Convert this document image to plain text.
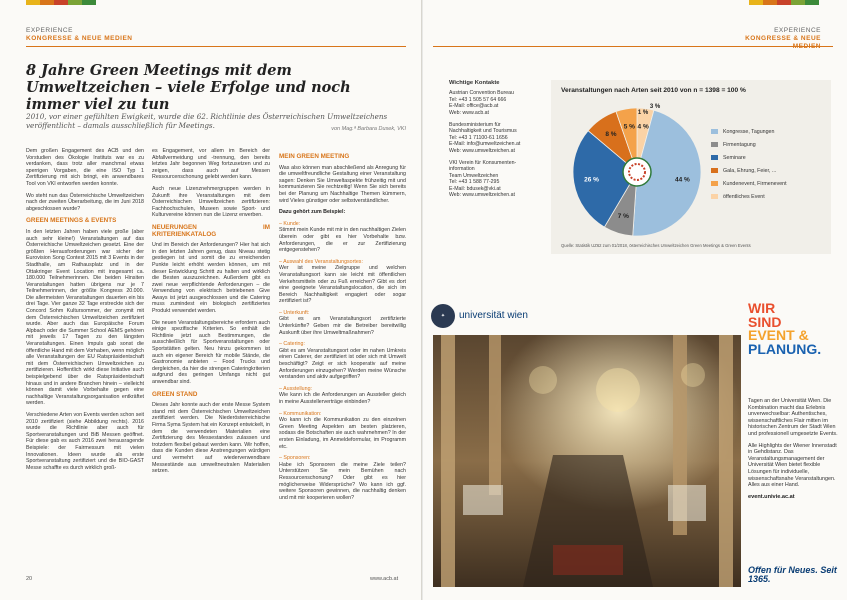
EXPERIENCE
KONGRESSE & NEUE MEDIEN
8 Jahre Green Meetings mit dem Umweltzeichen – viele Erfolge und noch immer viel zu tun
2010, vor einer gefühlten Ewigkeit, wurde die 62. Richtlinie des Österreichischen Umweltzeichens veröffentlicht – damals ausschließlich für Meetings.	von Mag.ª Barbara Dusek, VKI

Dem großen Engagement des ACB und den Vorstudien des Ökologie Instituts war es zu verdanken, dass trotz aller manchmal etwas sperrigen Vorgaben, die eine ISO Typ 1 Zertifizierung mit sich bringt, ein anwendbares Tool von VKI entworfen werden konnte.

Wo steht nun das Österreichische Umweltzeichen nach der zweiten Überarbeitung, die im Juni 2018 abgeschlossen wurde?

GREEN MEETINGS & EVENTS

In den letzten Jahren haben viele große (aber auch sehr kleine!) Veranstaltungen auf das Österreichische Umweltzeichen gesetzt. Eine der größten Herausforderungen war sicher der Eurovision Song Contest 2015 mit 3 Events in der Stadthalle, am Rathausplatz und in der Ottakringer Event Location mit insgesamt ca. 180.000 Teilnehmerinnen. Die beiden Hinsiten Veranstaltungen hatten übrigens nur je 7 Teilnehmerinnen, der größte Kongress 20.000. Die allermeisten Veranstaltungen dauerten ein bis drei Tage. Vier ganze 32 Tage erstreckte sich der Concord Sohm Kultursommer, der zonymit mit dem Österreichischen Umweltzeichen zertifiziert wurde. Aber auch das Europäische Forum Alpbach oder die Summer School AEMS gehören mit jeweils 17 Tagen zu den längsten Veranstaltungen. Einen Impuls gab sonst die öffentliche Hand mit dem Vorhaben, wenn möglich alle Veranstaltungen der EU Ratspräsidentschaft mit dem Österreichischen Umweltzeichen zu zertifizieren. Hoffentlich wirkt diese Initiative auch beispielgebend über die Ratspräsidentschaft hinaus und in andere Branchen hinein – vielleicht können damit viele Vorbehalte gegen eine nachhaltige Veranstaltungsorganisation entkräftet werden.

Verschiedene Arten von Events werden schon seit 2010 zertifiziert (siehe Abbildung rechts). 2016 wurde die Richtlinie aber auch für Sportveranstaltungen und BiB Messen geöffnet. Für diese gab es auch 2016 zwei herausragende Beispiele: der Fairmessum mit vielen Innovationen. Ideen wurde als erste Sportveranstaltung zertifiziert und die BIO-GAST Messe schaffte es durch wirklich groß-

es Engagement, vor allem im Bereich der Abfallvermeidung und -trennung, den bereits letztes Jahr begonnen Weg fortzusetzen und zu zeigen, dass auch auf Messen Ressourcenschonung gelebt werden kann.

Auch neue Lizenznehmergruppen werden in Zukunft ihre Veranstaltungen mit dem Österreichischen Umweltzeichen zertifizieren: Fachhochschulen, Museen sowie Sport- und Kulturvereine können nun die Lizenz erwerben.

NEUERUNGEN IM KRITERIENKATALOG

Und im Bereich der Anforderungen? Hier hat sich in den letzten Jahren genug, dass Niveau stetig gestiegen ist und somit die zu erreichenden Punkte leicht erhöht werden können, um mit dieser Entwicklung Schritt zu halten und wirklich die Besten auszuzeichnen. Außerdem gibt es zwei neue verpflichtende Anforderungen – die Verwendung von elektrisch betriebenen Give Aways ist jetzt ausgeschlossen und die Catering muss zumindest ein biologisch zertifiziertes Produkt verwendet werden.

Die neuen Veranstaltungsbereiche erfordern auch einige spezifische Kriterien. So enthält die Richtlinie jetzt auch Bestimmungen, die ausschließlich für Sportveranstaltungen oder Sportstätten gelten. Neu hinzu gekommen ist auch ein eigener Bereich für mobile Stände, die Gastronomie anbieten – Food Trucks und dergleichen, da hier die strengen Cateringkriterien aufgrund des geringen Umfangs nicht gut anwendbar sind.

GREEN STAND

Dieses Jahr konnte auch der erste Messe System stand mit dem Österreichischen Umweltzeichen zertifiziert werden. Die Niederösterreichische Firma Syma System hat ein Konzept entwickelt, in dem die verwendeten Materialien eine Zertifizierung des Messestandes zulassen und trotzdem flexibel gebaut werden kann. Wir hoffen, dass die Kunden diese Anstrengungen würdigen und vermehrt auf wiederverwendbare Messestände aus umweltneutralen Materialien setzen.

MEIN GREEN MEETING

Was also können man abschließend als Anregung für die umweltfreundliche Gestaltung einer Veranstaltung sagen: Denken Sie Umweltaspekte frühzeitig mit und kommunizieren Sie rechtzeitig! Wenn Sie sich bereits bei der Planung um Nachhaltige Themen kümmern, wird Vieles günstiger oder selbstverständlicher.

Dazu gehört zum Beispiel:

– Kunde:

Stimmt mein Kunde mit mir in den nachhaltigen Zielen überein oder gibt es hier Vorbehalte bzw. Anforderungen, die er zur Zertifizierung entgegenstehen?

– Auswahl des Veranstaltungsortes:

Wer ist meine Zielgruppe und welchen Veranstaltungsort kann sie leicht mit öffentlichen Verkehrsmitteln oder zu Fuß erreichen? Gibt es dort eine geeignete Veranstaltungslocation, die sich im Bereich Nachhaltigkeit engagiert oder sogar zertifiziert ist?

– Unterkunft:

Gibt es am Veranstaltungsort zertifizierte Unterkünfte? Geben mir die Betreiber bereitwillig Auskunft über ihre Umweltmaßnahmen?

– Catering:

Gibt es am Veranstaltungsort oder im nahen Umkreis einen Caterer, der zertifiziert ist oder sich mit Umwelt beschäftigt? Zeigt er sich kooperativ auf meine Anforderungen einzugehen? Werden meine Wünsche verstanden und aktiv aufgegriffen?

– Ausstellung:

Wie kann ich die Anforderungen an Aussteller gleich in meine Ausstellerverträge einbinden?

– Kommunikation:

Wo kann ich die Kommunikation zu den einzelnen Green Meeting Aspekten am besten platzieren, sodass die Botschaften sie auch wahrnehmen? In der ersten Einladung, im Anmeldeformular, im Programm etc.

– Sponsoren:

Habe ich Sponsoren die meine Ziele teilen? Unterstützen Sie mein Bemühen nach Ressourcenschonung? Oder gibt es hier möglicherweise Widersprüche? Wo kann ich ggf. weitere Sponsoren gewinnen, die nachhaltig denken und mit mir kooperieren wollen?

20	www.acb.at
EXPERIENCE
KONGRESSE & NEUE
Wichtige Kontakte
Austrian Convention Bureau
Tel: +43 1 505 57 64 666
E-Mail: office@acb.at
Web: www.acb.at
Bundesministerium für
Nachhaltigkeit und Tourismus
Tel: +43 1 71100-61 1656
E-Mail: info@umweltzeichen.at
Web: www.umweltzeichen.at
VKI Verein für Konsumenten-
information
Team Umweltzeichen
Tel: +43 1 588 77-295
E-Mail: bdusek@vki.at
Web: www.umweltzeichen.at
Veranstaltungen nach Arten seit 2010 von n = 1398 = 100 %
4 %
44 %
7 %
26 %
8 %
5 %
1 %
3 %
Kongresse, Tagungen
Firmentagung
Seminare
Gala, Ehrung, Feier, ...
Kundenevent, Firmenevent
öffentliches Event
Quelle: Statistik UZ62 zum 01/2018, österreichisches Umweltzeichen Green Meetings & Green Events
✦	universität wien	WIR
SIND
EVENT &
PLANUNG.

Tagen an der Universität Wien. Die Kombination macht das Erlebnis unverwechselbar: Authentisches, wissenschaftliches Flair mitten im historischen Zentrum der Stadt Wien und professionell umgesetzte Events.

Alle Highlights der Wiener Innenstadt in Gehdistanz. Das Veranstaltungsmanagement der Universität Wien bietet flexible Lösungen für individuelle, wissenschaftsnahe Veranstaltungen. Alles aus einer Hand.

event.univie.ac.at
Offen für Neues. Seit 1365.
